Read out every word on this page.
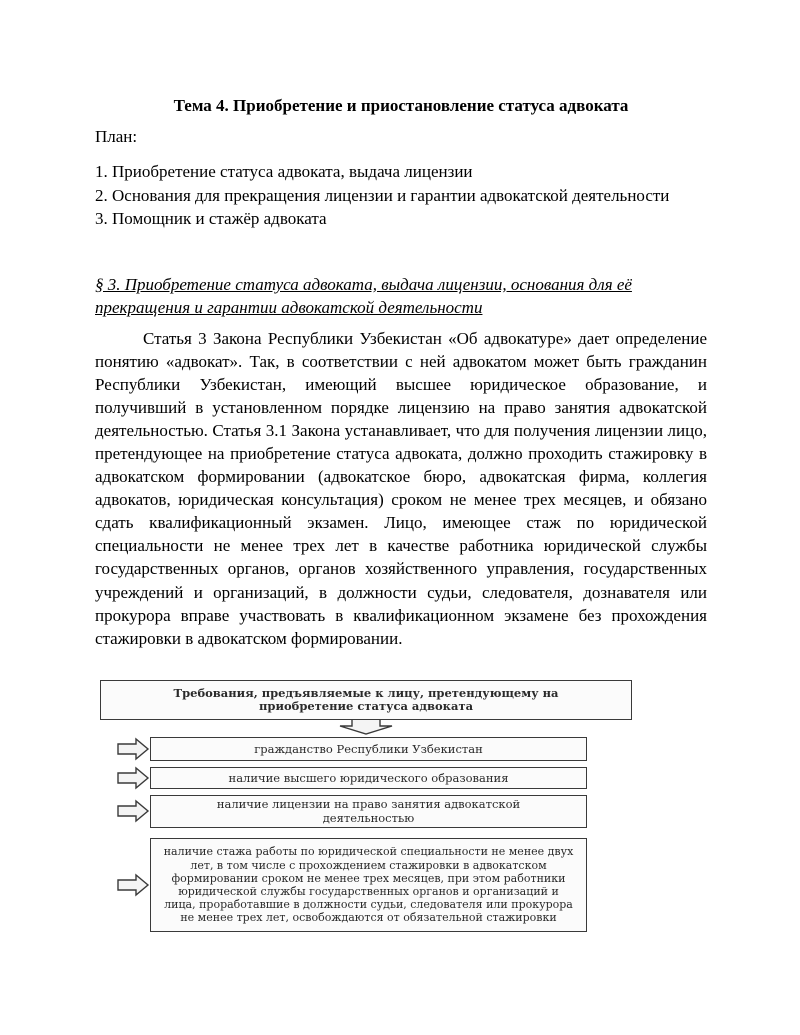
Тема 4. Приобретение и приостановление статуса адвоката

План:

1. Приобретение статуса адвоката, выдача лицензии
2. Основания для прекращения лицензии и гарантии адвокатской деятельности
3. Помощник и стажёр адвоката

§ 3. Приобретение статуса адвоката, выдача лицензии, основания для её прекращения и гарантии адвокатской деятельности

Статья 3 Закона Республики Узбекистан «Об адвокатуре» дает определение понятию «адвокат». Так, в соответствии с ней адвокатом может быть гражданин Республики Узбекистан, имеющий высшее юридическое образование, и получивший в установленном порядке лицензию на право занятия адвокатской деятельностью. Статья 3.1 Закона устанавливает, что для получения лицензии лицо, претендующее на приобретение статуса адвоката, должно проходить стажировку в адвокатском формировании (адвокатское бюро, адвокатская фирма, коллегия адвокатов, юридическая консультация) сроком не менее трех месяцев, и обязано сдать квалификационный экзамен. Лицо, имеющее стаж по юридической специальности не менее трех лет в качестве работника юридической службы государственных органов, органов хозяйственного управления, государственных учреждений и организаций, в должности судьи, следователя, дознавателя или прокурора вправе участвовать в квалификационном экзамене без прохождения стажировки в адвокатском формировании.

Требования, предъявляемые к лицу, претендующему на приобретение статуса адвоката
гражданство Республики Узбекистан
наличие высшего юридического образования
наличие лицензии на право занятия адвокатской деятельностью
наличие стажа работы по юридической специальности не менее двух лет, в том числе с прохождением стажировки в адвокатском формировании сроком не менее трех месяцев, при этом работники юридической службы государственных органов и организаций и лица, проработавшие в должности судьи, следователя или прокурора не менее трех лет, освобождаются от обязательной стажировки
